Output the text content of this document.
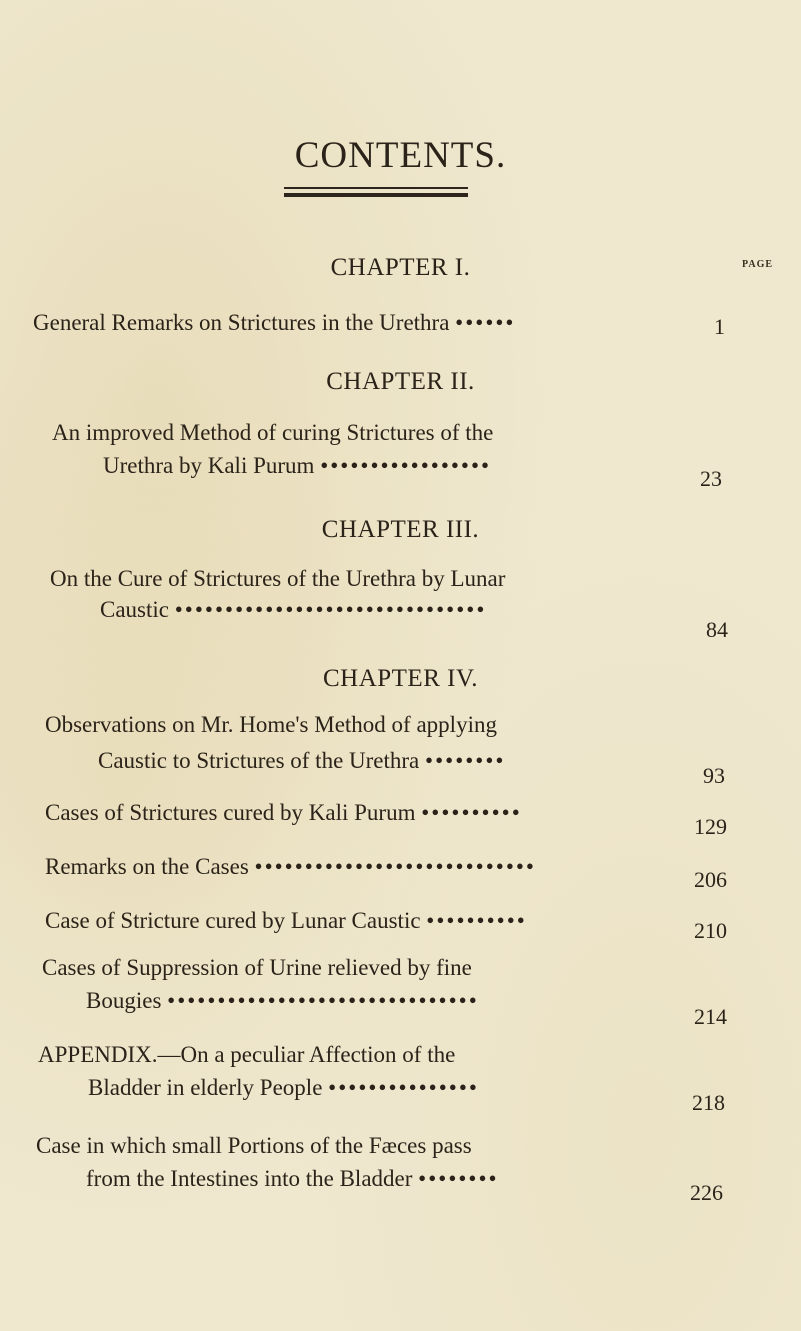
CONTENTS.
PAGE
CHAPTER I.
General Remarks on Strictures in the Urethra ••••••	1
CHAPTER II.
An improved Method of curing Strictures of the
Urethra by Kali Purum •••••••••••••••••
23
CHAPTER III.
On the Cure of Strictures of the Urethra by Lunar
Caustic •••••••••••••••••••••••••••••••
84
CHAPTER IV.
Observations on Mr. Home's Method of applying
Caustic to Strictures of the Urethra ••••••••
93
Cases of Strictures cured by Kali Purum ••••••••••
129
Remarks on the Cases ••••••••••••••••••••••••••••
206
Case of Stricture cured by Lunar Caustic ••••••••••	210
Cases of Suppression of Urine relieved by fine
Bougies •••••••••••••••••••••••••••••••
214
APPENDIX.—On a peculiar Affection of the
Bladder in elderly People •••••••••••••••
218
Case in which small Portions of the Fæces pass
from the Intestines into the Bladder ••••••••
226
